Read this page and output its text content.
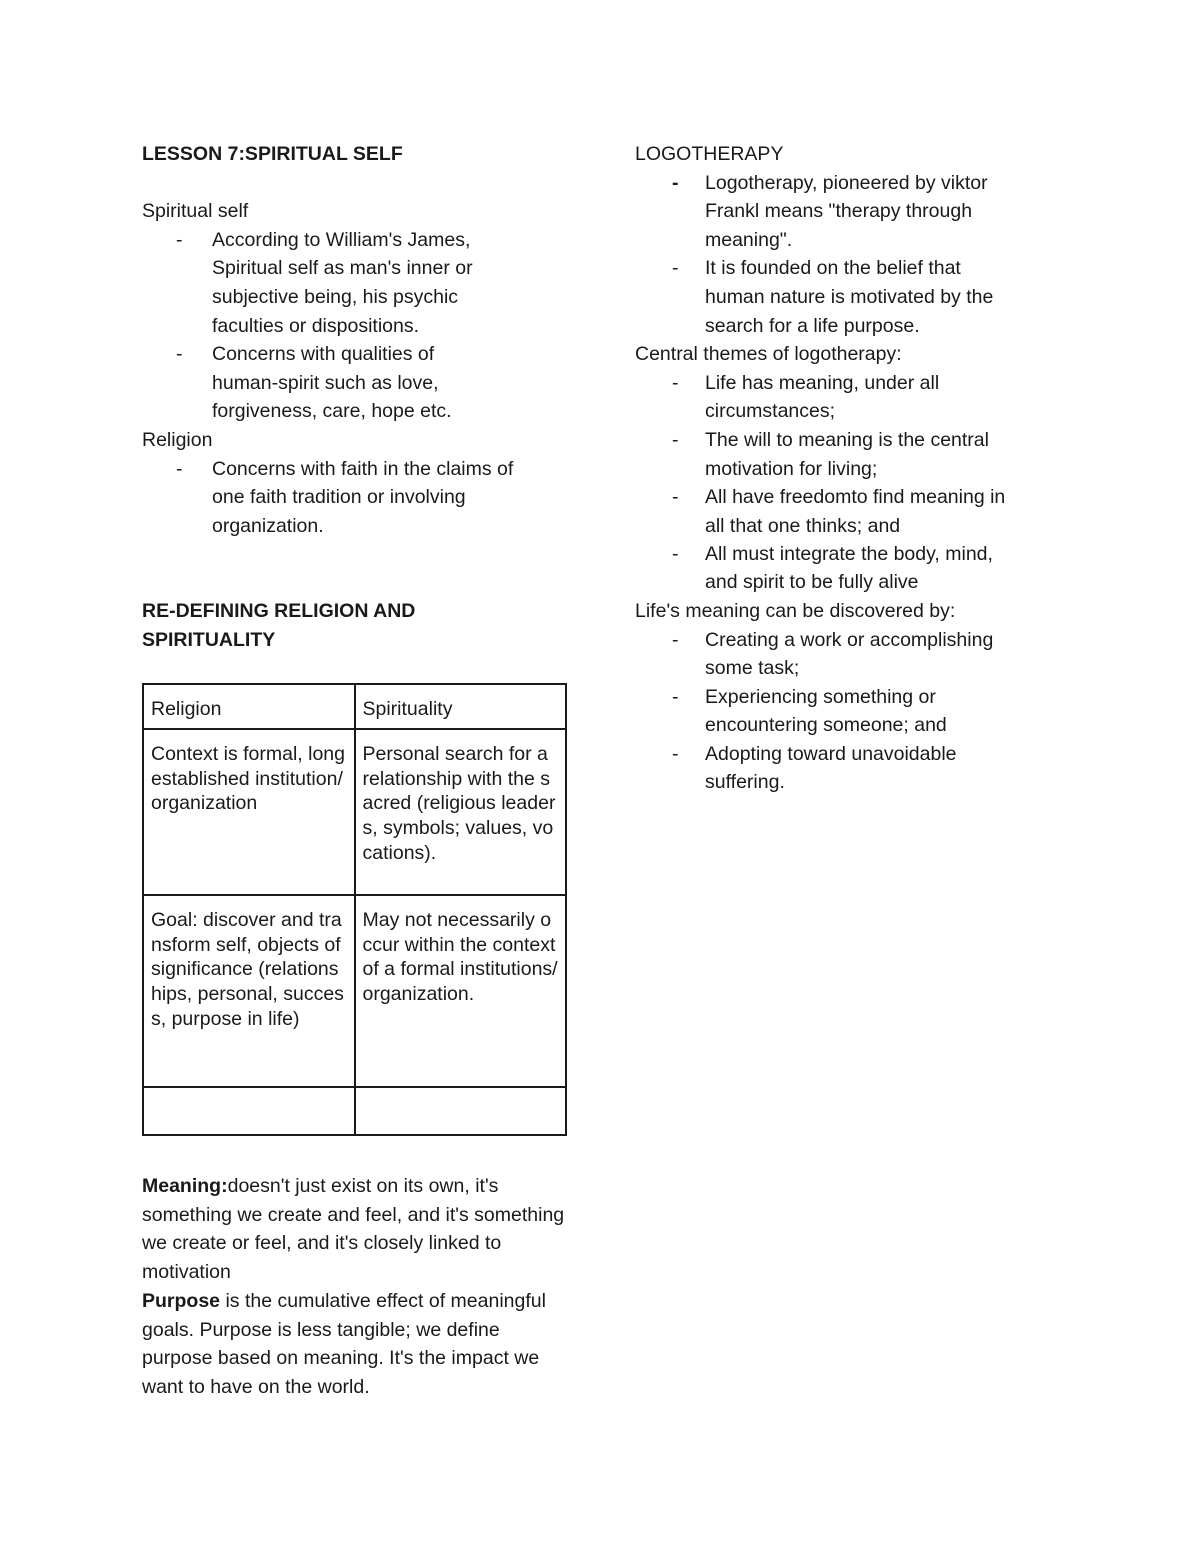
LESSON 7:SPIRITUAL SELF
Spiritual self
- According to William's James,
Spiritual self as man's inner or
subjective being, his psychic
faculties or dispositions.
- Concerns with qualities of
human-spirit such as love,
forgiveness, care, hope etc.
Religion
- Concerns with faith in the claims of
one faith tradition or involving
organization.
RE-DEFINING RELIGION AND
SPIRITUALITY
Meaning:doesn't just exist on its own, it's something we create and feel, and it's something we create or feel, and it's closely linked to motivation
Purpose is the cumulative effect of meaningful goals. Purpose is less tangible; we define purpose based on meaning. It's the impact we want to have on the world.
Religion	Spirituality
Context is formal, long established institution/organization	Personal search for a relationship with the sacred (religious leaders, symbols; values, vocations).
Goal: discover and transform self, objects of significance (relationships, personal, success, purpose in life)	May not necessarily occur within the context of a formal institutions/organization.

LOGOTHERAPY
- Logotherapy, pioneered by viktor
Frankl means "therapy through
meaning".
- It is founded on the belief that
human nature is motivated by the
search for a life purpose.
Central themes of logotherapy:
- Life has meaning, under all
circumstances;
- The will to meaning is the central
motivation for living;
- All have freedomto find meaning in
all that one thinks; and
- All must integrate the body, mind,
and spirit to be fully alive
Life's meaning can be discovered by:
- Creating a work or accomplishing
some task;
- Experiencing something or
encountering someone; and
- Adopting toward unavoidable
suffering.
